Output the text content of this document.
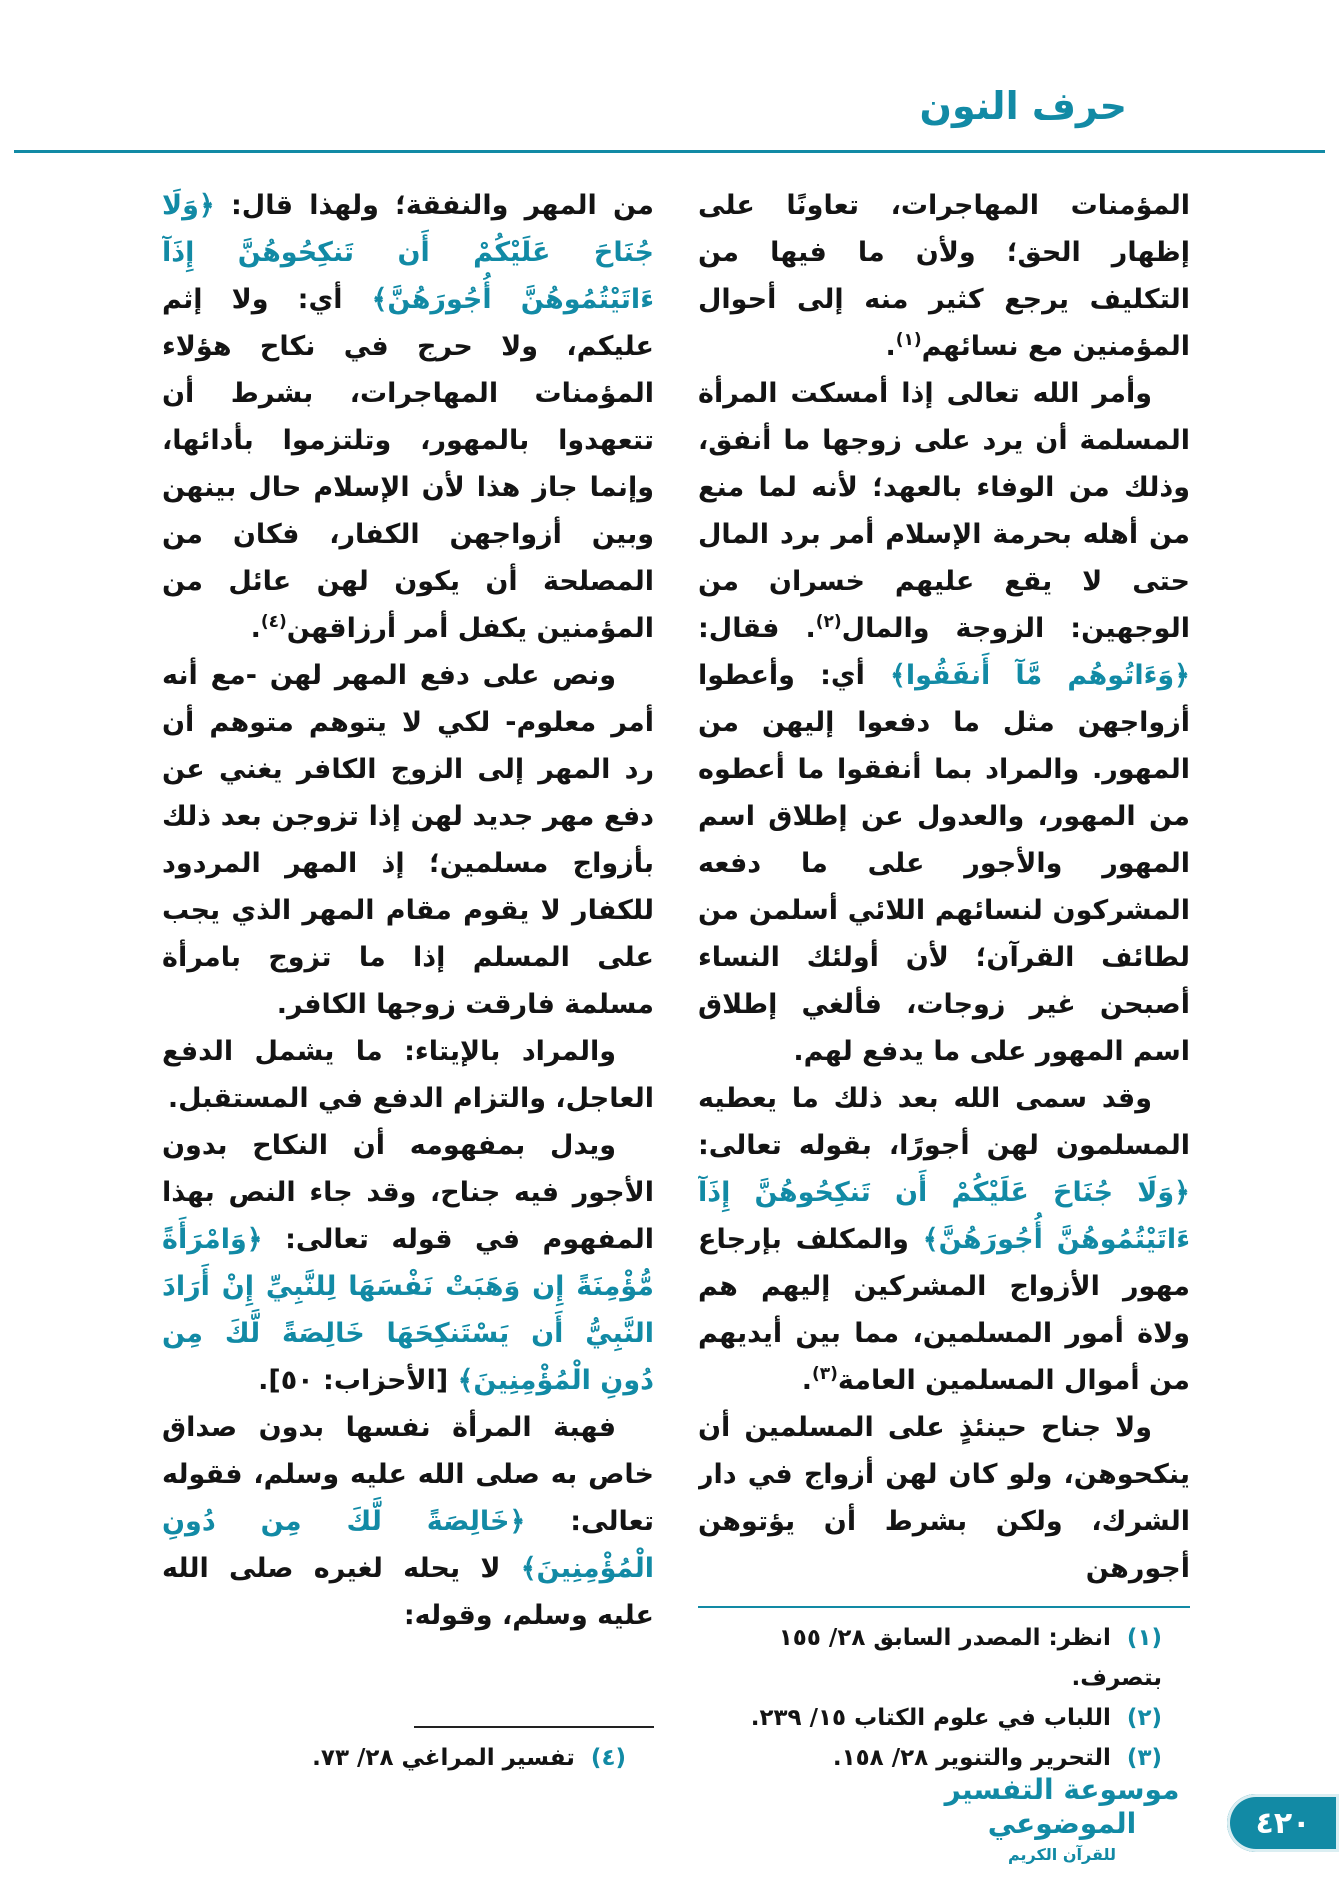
حرف النون

المؤمنات المهاجرات، تعاونًا على إظهار الحق؛ ولأن ما فيها من التكليف يرجع كثير منه إلى أحوال المؤمنين مع نسائهم$^{(١)}$.

وأمر الله تعالى إذا أمسكت المرأة المسلمة أن يرد على زوجها ما أنفق، وذلك من الوفاء بالعهد؛ لأنه لما منع من أهله بحرمة الإسلام أمر برد المال حتى لا يقع عليهم خسران من الوجهين: الزوجة والمال$^{(٢)}$. فقال: ﴿وَءَاتُوهُم مَّآ أَنفَقُوا﴾ أي: وأعطوا أزواجهن مثل ما دفعوا إليهن من المهور. والمراد بما أنفقوا ما أعطوه من المهور، والعدول عن إطلاق اسم المهور والأجور على ما دفعه المشركون لنسائهم اللائي أسلمن من لطائف القرآن؛ لأن أولئك النساء أصبحن غير زوجات، فألغي إطلاق اسم المهور على ما يدفع لهم.

وقد سمى الله بعد ذلك ما يعطيه المسلمون لهن أجورًا، بقوله تعالى: ﴿وَلَا جُنَاحَ عَلَيْكُمْ أَن تَنكِحُوهُنَّ إِذَآ ءَاتَيْتُمُوهُنَّ أُجُورَهُنَّ﴾ والمكلف بإرجاع مهور الأزواج المشركين إليهم هم ولاة أمور المسلمين، مما بين أيديهم من أموال المسلمين العامة$^{(٣)}$.

ولا جناح حينئذٍ على المسلمين أن ينكحوهن، ولو كان لهن أزواج في دار الشرك، ولكن بشرط أن يؤتوهن أجورهن

(١) انظر: المصدر السابق ٢٨/ ١٥٥ بتصرف.
(٢) اللباب في علوم الكتاب ١٥/ ٢٣٩.
(٣) التحرير والتنوير ٢٨/ ١٥٨.

من المهر والنفقة؛ ولهذا قال: ﴿وَلَا جُنَاحَ عَلَيْكُمْ أَن تَنكِحُوهُنَّ إِذَآ ءَاتَيْتُمُوهُنَّ أُجُورَهُنَّ﴾ أي: ولا إثم عليكم، ولا حرج في نكاح هؤلاء المؤمنات المهاجرات، بشرط أن تتعهدوا بالمهور، وتلتزموا بأدائها، وإنما جاز هذا لأن الإسلام حال بينهن وبين أزواجهن الكفار، فكان من المصلحة أن يكون لهن عائل من المؤمنين يكفل أمر أرزاقهن$^{(٤)}$.

ونص على دفع المهر لهن -مع أنه أمر معلوم- لكي لا يتوهم متوهم أن رد المهر إلى الزوج الكافر يغني عن دفع مهر جديد لهن إذا تزوجن بعد ذلك بأزواج مسلمين؛ إذ المهر المردود للكفار لا يقوم مقام المهر الذي يجب على المسلم إذا ما تزوج بامرأة مسلمة فارقت زوجها الكافر.

والمراد بالإيتاء: ما يشمل الدفع العاجل، والتزام الدفع في المستقبل.

ويدل بمفهومه أن النكاح بدون الأجور فيه جناح، وقد جاء النص بهذا المفهوم في قوله تعالى: ﴿وَامْرَأَةً مُّؤْمِنَةً إِن وَهَبَتْ نَفْسَهَا لِلنَّبِيِّ إِنْ أَرَادَ النَّبِيُّ أَن يَسْتَنكِحَهَا خَالِصَةً لَّكَ مِن دُونِ الْمُؤْمِنِينَ﴾ [الأحزاب: ٥٠].

فهبة المرأة نفسها بدون صداق خاص به صلى الله عليه وسلم، فقوله تعالى: ﴿خَالِصَةً لَّكَ مِن دُونِ الْمُؤْمِنِينَ﴾ لا يحله لغيره صلى الله عليه وسلم، وقوله:

(٤) تفسير المراغي ٢٨/ ٧٣.
موسوعة التفسير الموضوعي
للقرآن الكريم
٤٢٠
